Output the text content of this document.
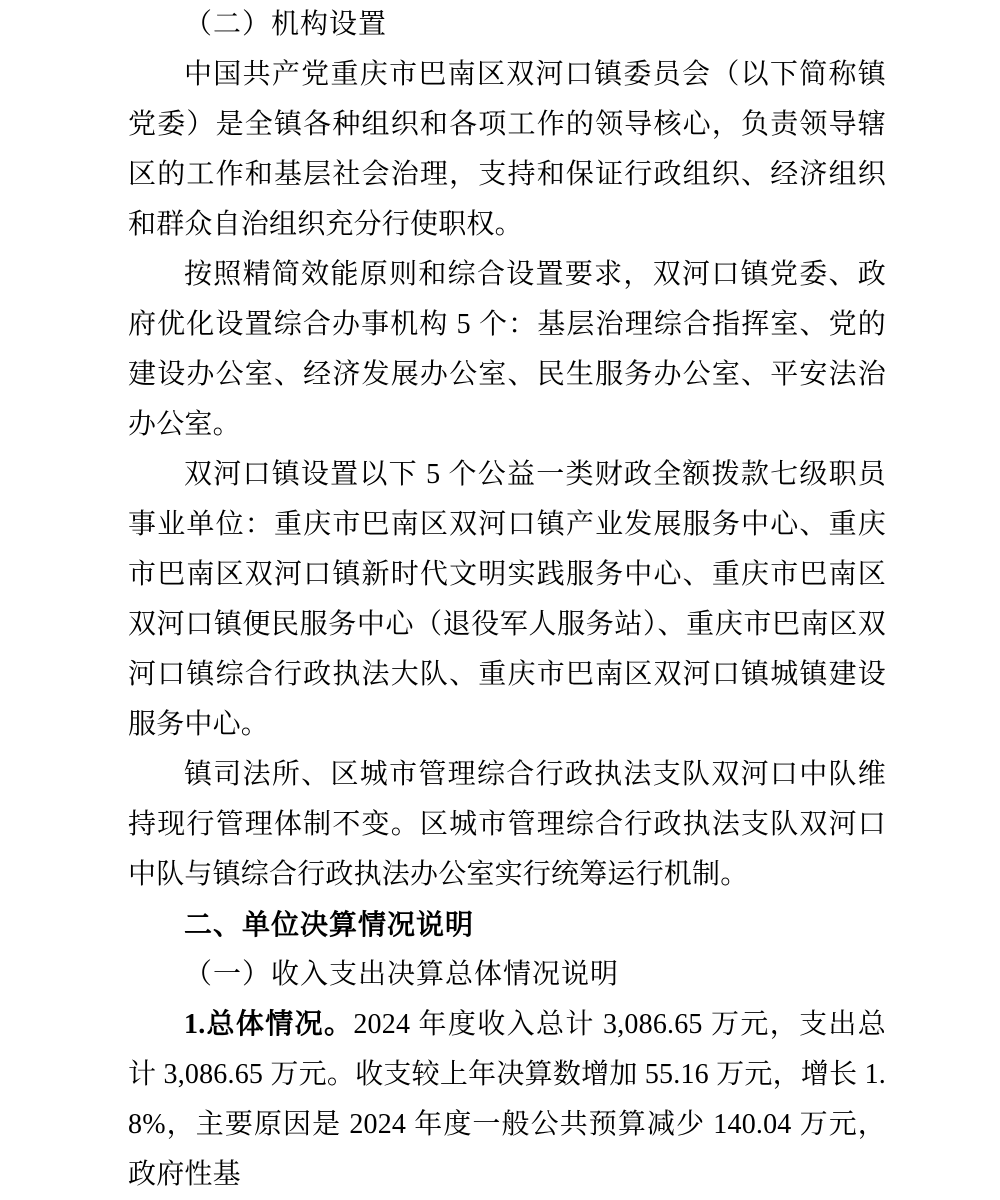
（二）机构设置

中国共产党重庆市巴南区双河口镇委员会（以下简称镇党委）是全镇各种组织和各项工作的领导核心，负责领导辖区的工作和基层社会治理，支持和保证行政组织、经济组织和群众自治组织充分行使职权。

按照精简效能原则和综合设置要求，双河口镇党委、政府优化设置综合办事机构 5 个：基层治理综合指挥室、党的建设办公室、经济发展办公室、民生服务办公室、平安法治办公室。

双河口镇设置以下 5 个公益一类财政全额拨款七级职员事业单位：重庆市巴南区双河口镇产业发展服务中心、重庆市巴南区双河口镇新时代文明实践服务中心、重庆市巴南区双河口镇便民服务中心（退役军人服务站）、重庆市巴南区双河口镇综合行政执法大队、重庆市巴南区双河口镇城镇建设服务中心。

镇司法所、区城市管理综合行政执法支队双河口中队维持现行管理体制不变。区城市管理综合行政执法支队双河口中队与镇综合行政执法办公室实行统筹运行机制。

二、单位决算情况说明

（一）收入支出决算总体情况说明

1.总体情况。2024 年度收入总计 3,086.65 万元，支出总计 3,086.65 万元。收支较上年决算数增加 55.16 万元，增长 1.8%，主要原因是 2024 年度一般公共预算减少 140.04 万元，政府性基
